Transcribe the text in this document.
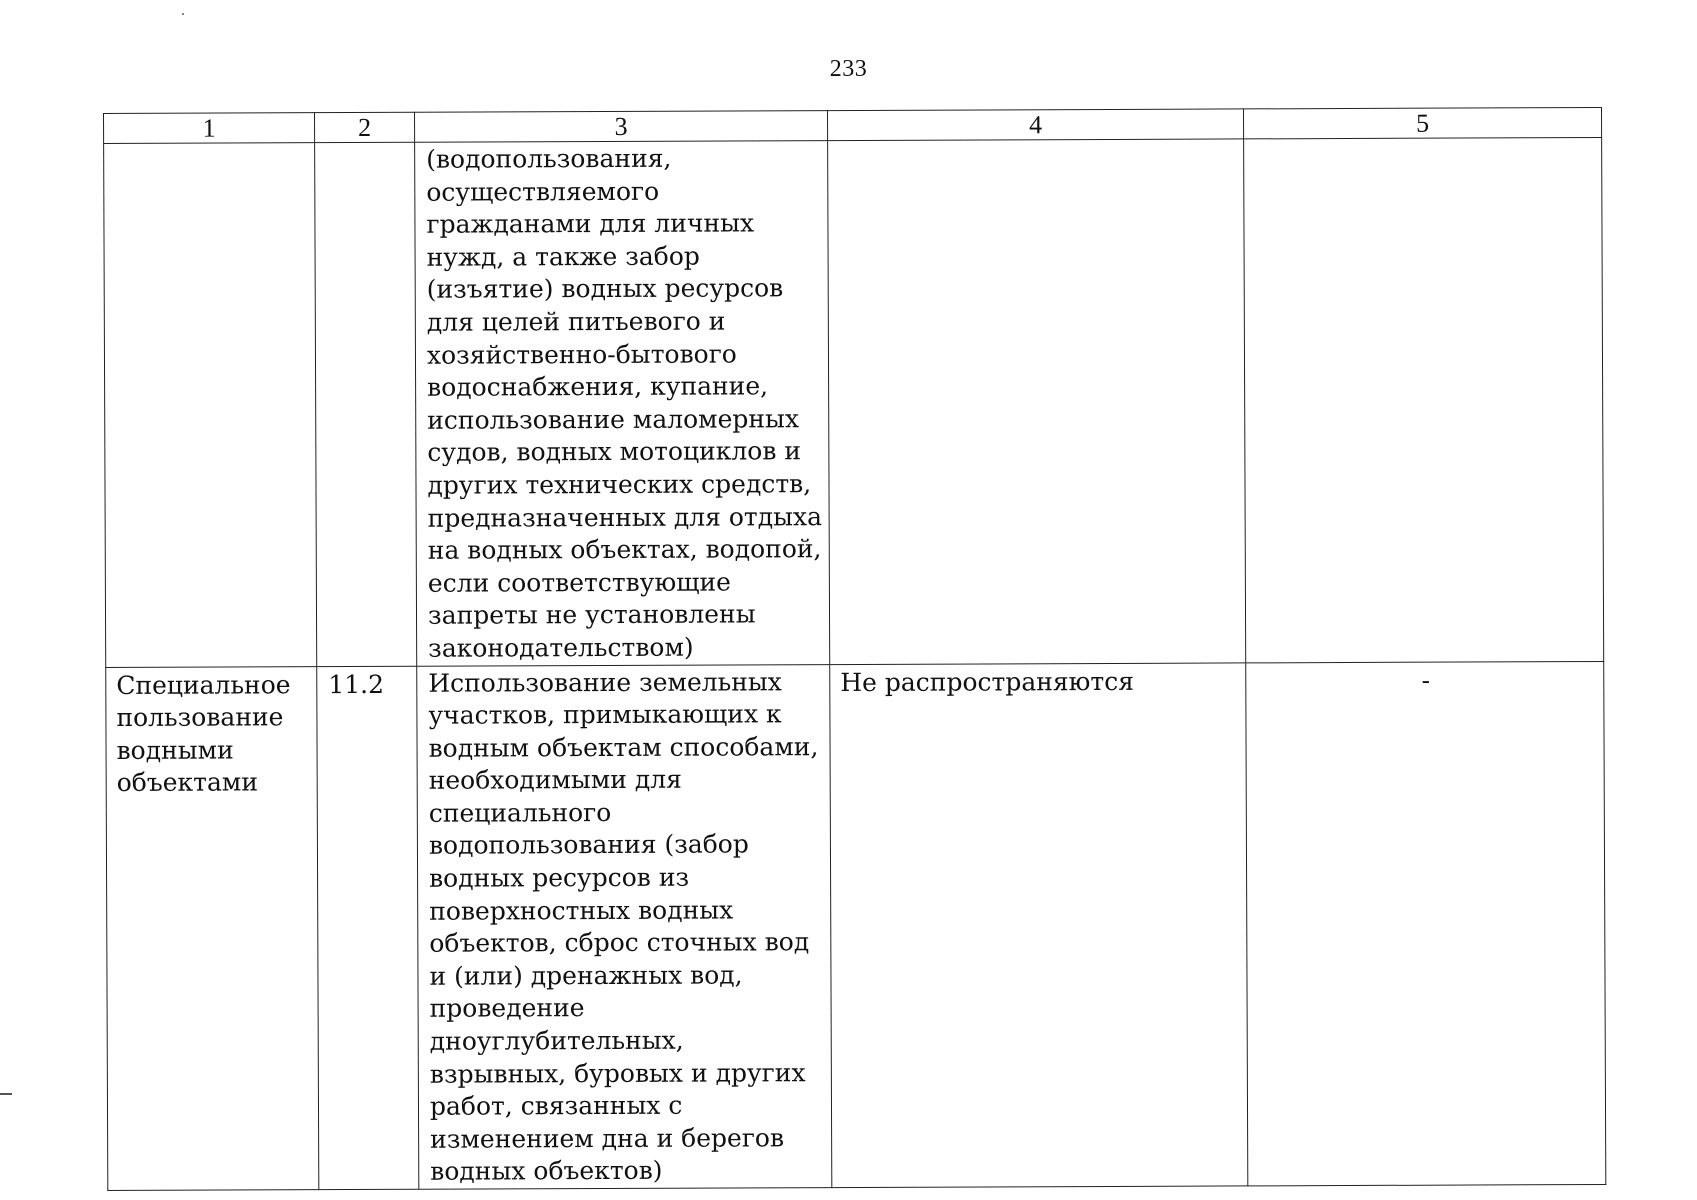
233
1	2	3	4	5

		(водопользования, осуществляемого гражданами для личных нужд, а также забор (изъятие) водных ресурсов для целей питьевого и хозяйственно-бытового водоснабжения, купание, использование маломерных судов, водных мотоциклов и других технических средств, предназначенных для отдыха на водных объектах, водопой, если соответствующие запреты не установлены законодательством)		

Специальное пользование водными объектами	11.2	Использование земельных участков, примыкающих к водным объектам способами, необходимыми для специального водопользования (забор водных ресурсов из поверхностных водных объектов, сброс сточных вод и (или) дренажных вод, проведение дноуглубительных, взрывных, буровых и других работ, связанных с изменением дна и берегов водных объектов)	Не распространяются	-
